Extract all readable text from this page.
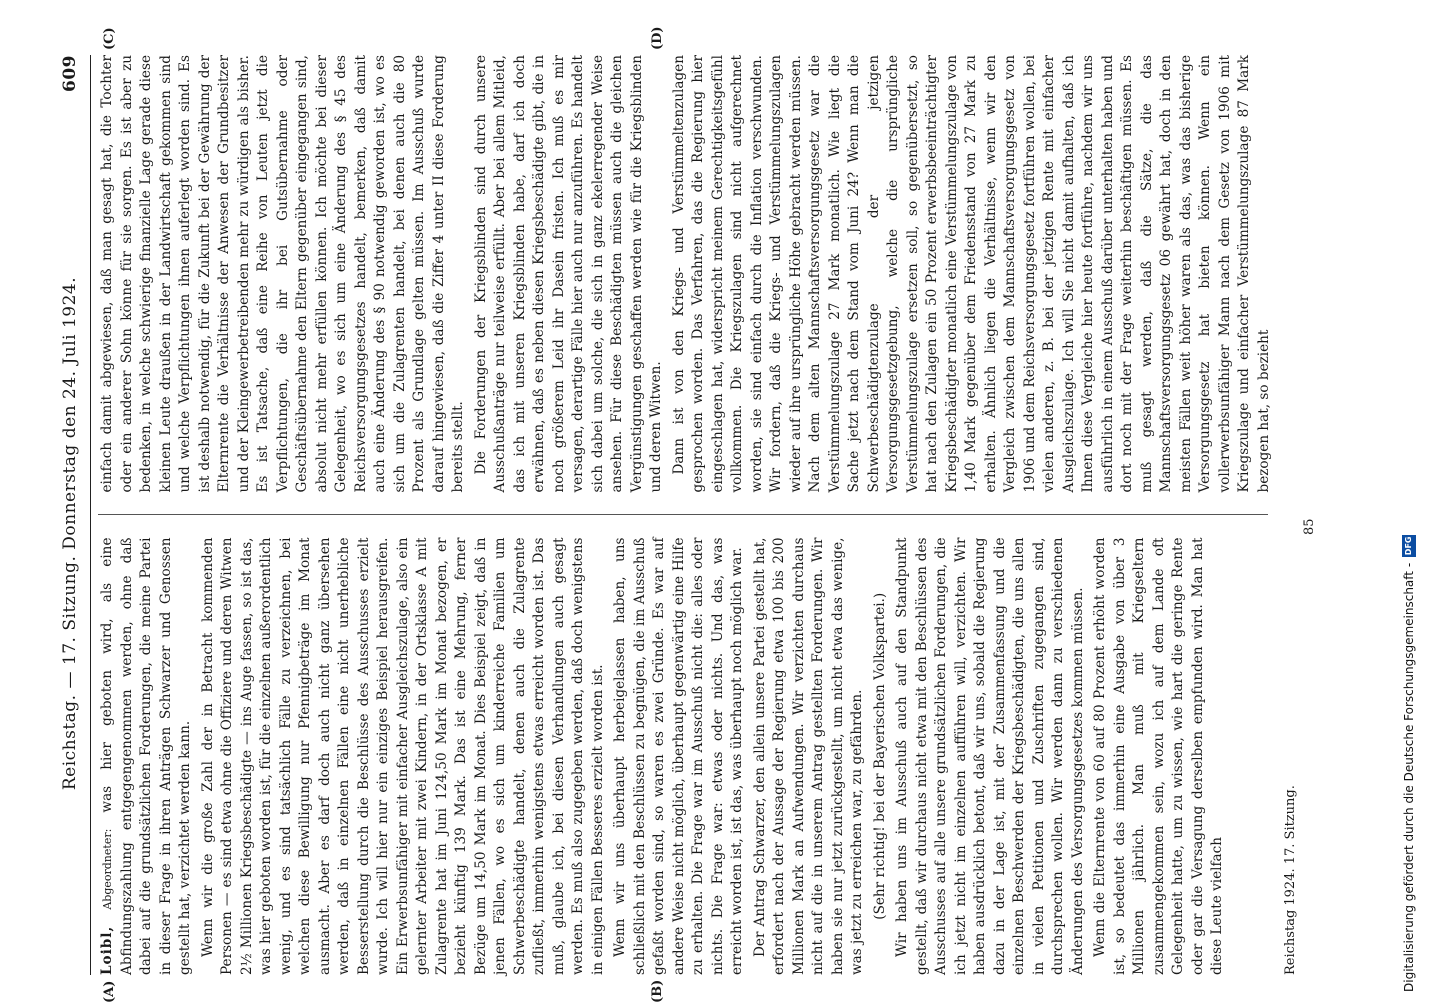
Reichstag. — 17. Sitzung. Donnerstag den 24. Juli 1924.
609

Loibl, Abgeordneter: was hier geboten wird, als eine Abfindungszahlung entgegengenommen werden, ohne daß dabei auf die grundsätzlichen Forderungen, die meine Partei in dieser Frage in ihren Anträgen Schwarzer und Genossen gestellt hat, verzichtet werden kann. Wenn wir die große Zahl der in Betracht kommenden Personen — es sind etwa ohne die Offiziere und deren Witwen 2½ Millionen Kriegsbeschädigte — ins Auge fassen, so ist das, was hier geboten worden ist, für die einzelnen außerordentlich wenig, und es sind tatsächlich Fälle zu verzeichnen, bei welchen diese Bewilligung nur Pfennigbeträge im Monat ausmacht. Aber es darf doch auch nicht ganz übersehen werden, daß in einzelnen Fällen eine nicht unerhebliche Besserstellung durch die Beschlüsse des Ausschusses erzielt wurde. Ich will hier nur ein einziges Beispiel herausgreifen. Ein Erwerbsunfähiger mit einfacher Ausgleichszulage, also ein gelernter Arbeiter mit zwei Kindern, in der Ortsklasse A mit Zulagrente hat im Juni 124,50 Mark im Monat bezogen, er bezieht künftig 139 Mark. Das ist eine Mehrung, ferner Bezüge um 14,50 Mark im Monat. Dies Beispiel zeigt, daß in jenen Fällen, wo es sich um kinderreiche Familien um Schwerbeschädigte handelt, denen auch die Zulagrente zufließt, immerhin wenigstens etwas erreicht worden ist. Das muß, glaube ich, bei diesen Verhandlungen auch gesagt werden. Es muß also zugegeben werden, daß doch wenigstens in einigen Fällen Besseres erzielt worden ist. Wenn wir uns überhaupt herbeigelassen haben, uns schließlich mit den Beschlüssen zu begnügen, die im Ausschuß gefaßt worden sind, so waren es zwei Gründe. Es war auf andere Weise nicht möglich, überhaupt gegenwärtig eine Hilfe zu erhalten. Die Frage war im Ausschuß nicht die: alles oder nichts. Die Frage war: etwas oder nichts. Und das, was erreicht worden ist, ist das, was überhaupt noch möglich war. Der Antrag Schwarzer, den allein unsere Partei gestellt hat, erfordert nach der Aussage der Regierung etwa 100 bis 200 Millionen Mark an Aufwendungen. Wir verzichten durchaus nicht auf die in unserem Antrag gestellten Forderungen. Wir haben sie nur jetzt zurückgestellt, um nicht etwa das wenige, was jetzt zu erreichen war, zu gefährden. (Sehr richtig! bei der Bayerischen Volkspartei.) Wir haben uns im Ausschuß auch auf den Standpunkt gestellt, daß wir durchaus nicht etwa mit den Beschlüssen des Ausschusses auf alle unsere grundsätzlichen Forderungen, die ich jetzt nicht im einzelnen aufführen will, verzichten. Wir haben ausdrücklich betont, daß wir uns, sobald die Regierung dazu in der Lage ist, mit der Zusammenfassung und die einzelnen Beschwerden der Kriegsbeschädigten, die uns allen in vielen Petitionen und Zuschriften zugegangen sind, durchsprechen wollen. Wir werden dann zu verschiedenen Änderungen des Versorgungsgesetzes kommen müssen. Wenn die Elternrente von 60 auf 80 Prozent erhöht worden ist, so bedeutet das immerhin eine Ausgabe von über 3 Millionen jährlich. Man muß mit Kriegseltern zusammengekommen sein, wozu ich auf dem Lande oft Gelegenheit hatte, um zu wissen, wie hart die geringe Rente oder gar die Versagung derselben empfunden wird. Man hat diese Leute vielfach

einfach damit abgewiesen, daß man gesagt hat, die Tochter oder ein anderer Sohn könne für sie sorgen. Es ist aber zu bedenken, in welche schwierige finanzielle Lage gerade diese kleinen Leute draußen in der Landwirtschaft gekommen sind und welche Verpflichtungen ihnen auferlegt worden sind. Es ist deshalb notwendig, für die Zukunft bei der Gewährung der Elternrente die Verhältnisse der Anwesen der Grundbesitzer und der Kleingewerbetreibenden mehr zu würdigen als bisher. Es ist Tatsache, daß eine Reihe von Leuten jetzt die Verpflichtungen, die ihr bei Gutsübernahme oder Geschäftsübernahme den Eltern gegenüber eingegangen sind, absolut nicht mehr erfüllen können. Ich möchte bei dieser Gelegenheit, wo es sich um eine Änderung des § 45 des Reichsversorgungsgesetzes handelt, bemerken, daß damit auch eine Änderung des § 90 notwendig geworden ist, wo es sich um die Zulagrenten handelt, bei denen auch die 80 Prozent als Grundlage gelten müssen. Im Ausschuß wurde darauf hingewiesen, daß die Ziffer 4 unter II diese Forderung bereits stellt. Die Forderungen der Kriegsblinden sind durch unsere Ausschußanträge nur teilweise erfüllt. Aber bei allem Mitleid, das ich mit unseren Kriegsblinden habe, darf ich doch erwähnen, daß es neben diesen Kriegsbeschädigte gibt, die in noch größerem Leid ihr Dasein fristen. Ich muß es mir versagen, derartige Fälle hier auch nur anzuführen. Es handelt sich dabei um solche, die sich in ganz ekelerregender Weise ansehen. Für diese Beschädigten müssen auch die gleichen Vergünstigungen geschaffen werden wie für die Kriegsblinden und deren Witwen. Dann ist von den Kriegs- und Verstümmeltenzulagen gesprochen worden. Das Verfahren, das die Regierung hier eingeschlagen hat, widerspricht meinem Gerechtigkeitsgefühl vollkommen. Die Kriegszulagen sind nicht aufgerechnet worden, sie sind einfach durch die Inflation verschwunden. Wir fordern, daß die Kriegs- und Verstümmelungszulagen wieder auf ihre ursprüngliche Höhe gebracht werden müssen. Nach dem alten Mannschaftsversorgungsgesetz war die Verstümmelungszulage 27 Mark monatlich. Wie liegt die Sache jetzt nach dem Stand vom Juni 24? Wenn man die Schwerbeschädigtenzulage der jetzigen Versorgungsgesetzgebung, welche die ursprüngliche Verstümmelungszulage ersetzen soll, so gegenübersetzt, so hat nach den Zulagen ein 50 Prozent erwerbsbeeinträchtigter Kriegsbeschädigter monatlich eine Verstümmelungszulage von 1,40 Mark gegenüber dem Friedensstand von 27 Mark zu erhalten. Ähnlich liegen die Verhältnisse, wenn wir den Vergleich zwischen dem Mannschaftsversorgungsgesetz von 1906 und dem Reichsversorgungsgesetz fortführen wollen, bei vielen anderen, z. B. bei der jetzigen Rente mit einfacher Ausgleichszulage. Ich will Sie nicht damit aufhalten, daß ich Ihnen diese Vergleiche hier heute fortführe, nachdem wir uns ausführlich in einem Ausschuß darüber unterhalten haben und dort noch mit der Frage weiterhin beschäftigen müssen. Es muß gesagt werden, daß die Sätze, die das Mannschaftsversorgungsgesetz 06 gewährt hat, doch in den meisten Fällen weit höher waren als das, was das bisherige Versorgungsgesetz hat bieten können. Wenn ein vollerwerbsunfähiger Mann nach dem Gesetz von 1906 mit Kriegszulage und einfacher Verstümmelungszulage 87 Mark bezogen hat, so bezieht

(A)	(B)
(C)	(D)
Reichstag 1924. 17. Sitzung.
85
Digitalisierung gefördert durch die Deutsche Forschungsgemeinschaft -
DFG
